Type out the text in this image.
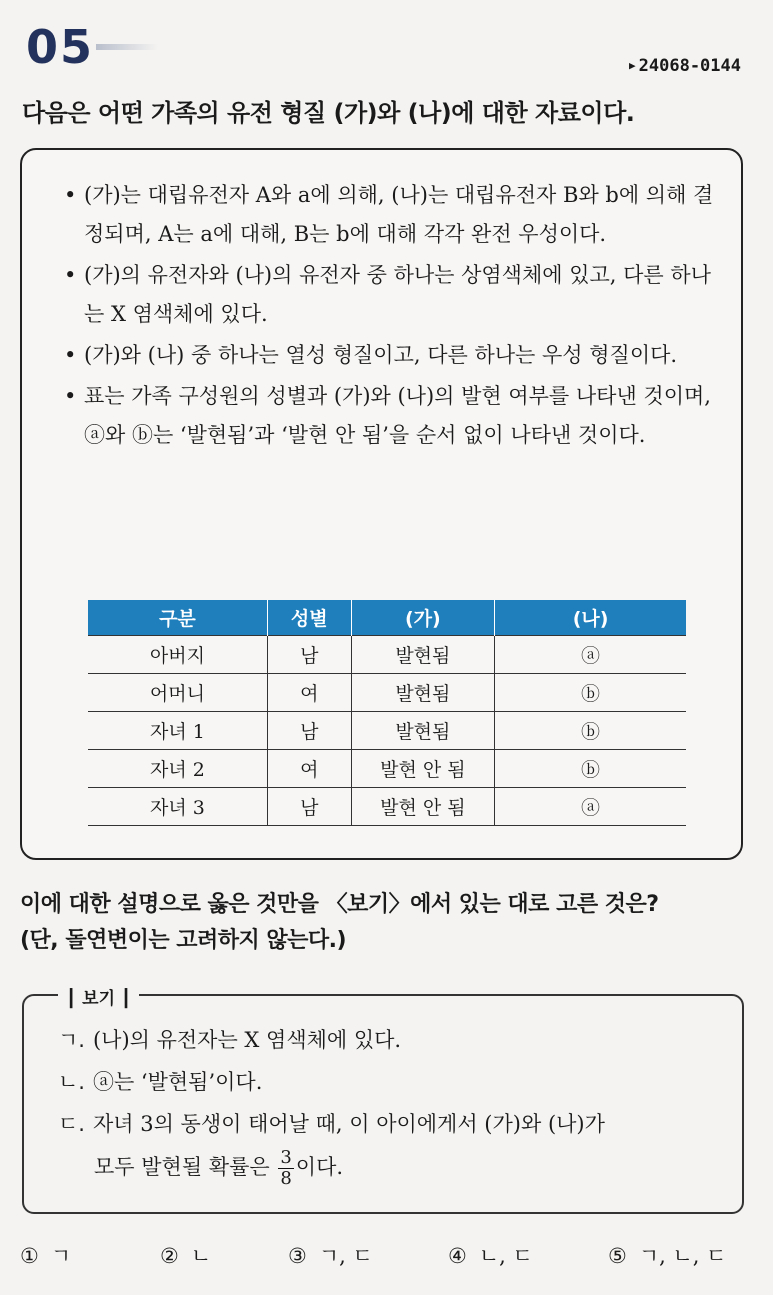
05	▶ 24068-0144
다음은 어떤 가족의 유전 형질 (가)와 (나)에 대한 자료이다.
• (가)는 대립유전자 A와 a에 의해, (나)는 대립유전자 B와 b에 의해 결정되며, A는 a에 대해, B는 b에 대해 각각 완전 우성이다.
• (가)의 유전자와 (나)의 유전자 중 하나는 상염색체에 있고, 다른 하나는 X 염색체에 있다.
• (가)와 (나) 중 하나는 열성 형질이고, 다른 하나는 우성 형질이다.
• 표는 가족 구성원의 성별과 (가)와 (나)의 발현 여부를 나타낸 것이며, ⓐ와 ⓑ는 ‘발현됨’과 ‘발현 안 됨’을 순서 없이 나타낸 것이다.
구분	성별	(가)	(나)
아버지	남	발현됨	ⓐ
어머니	여	발현됨	ⓑ
자녀 1	남	발현됨	ⓑ
자녀 2	여	발현 안 됨	ⓑ
자녀 3	남	발현 안 됨	ⓐ
이에 대한 설명으로 옳은 것만을 〈보기〉에서 있는 대로 고른 것은?
(단, 돌연변이는 고려하지 않는다.)
┃ 보기 ┃
ㄱ. (나)의 유전자는 X 염색체에 있다.
ㄴ. ⓐ는 ‘발현됨’이다.
ㄷ. 자녀 3의 동생이 태어날 때, 이 아이에게서 (가)와 (나)가
모두 발현될 확률은 $\frac{3}{8}$ 이다.
① ㄱ	② ㄴ	③ ㄱ, ㄷ	④ ㄴ, ㄷ	⑤ ㄱ, ㄴ, ㄷ
